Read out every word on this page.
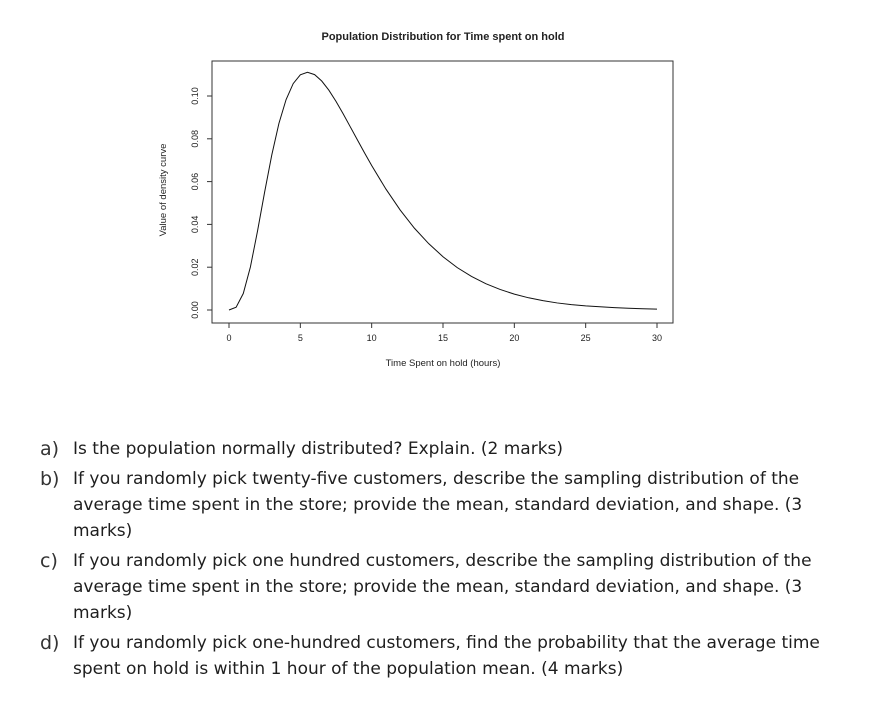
Population Distribution for Time spent on hold
0	5	10	15	20	25	30
0.00
0.02
0.04
0.06
0.08
0.10
Time Spent on hold (hours)
Value of density curve
a) Is the population normally distributed? Explain. (2 marks)
b) If you randomly pick twenty-five customers, describe the sampling distribution of the average time spent in the store; provide the mean, standard deviation, and shape. (3 marks)
c) If you randomly pick one hundred customers, describe the sampling distribution of the average time spent in the store; provide the mean, standard deviation, and shape. (3 marks)
d) If you randomly pick one-hundred customers, find the probability that the average time spent on hold is within 1 hour of the population mean. (4 marks)
